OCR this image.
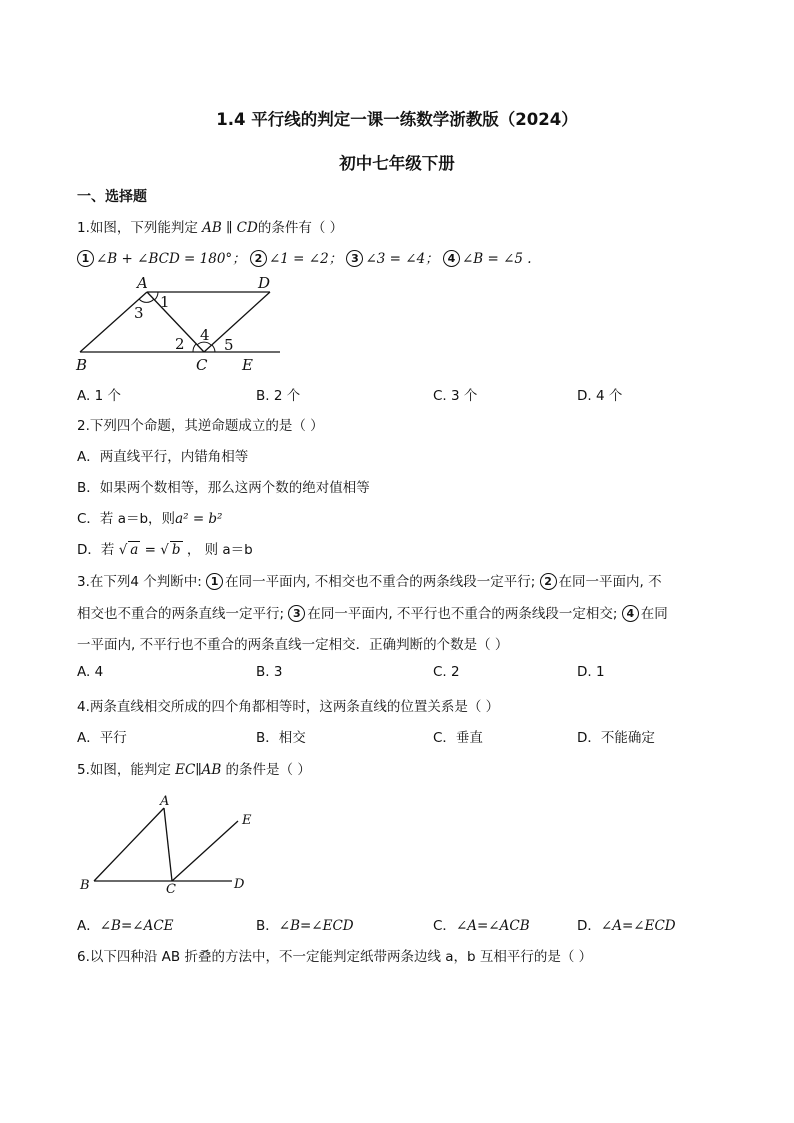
1.4 平行线的判定一课一练数学浙教版（2024）
初中七年级下册
一、选择题
1.如图，下列能判定 AB ∥ CD的条件有（ ）
1 ∠B + ∠BCD = 180°； 2 ∠1 = ∠2； 3 ∠3 = ∠4； 4 ∠B = ∠5 .
A	D
B	C E
1
3
2 4
5
A. 1 个	B. 2 个	C. 3 个	D. 4 个
2.下列四个命题，其逆命题成立的是（ ）
A．两直线平行，内错角相等
B．如果两个数相等，那么这两个数的绝对值相等
C．若 a＝b，则a² = b²
D．若 √ a = √ b ， 则 a＝b
3.在下列4 个判断中: 1 在同一平面内, 不相交也不重合的两条线段一定平行; 2 在同一平面内, 不
相交也不重合的两条直线一定平行; 3 在同一平面内, 不平行也不重合的两条线段一定相交; 4 在同
一平面内, 不平行也不重合的两条直线一定相交．正确判断的个数是（ ）
A. 4	B. 3	C. 2	D. 1
4.两条直线相交所成的四个角都相等时，这两条直线的位置关系是（ ）
A．平行	B．相交	C．垂直	D．不能确定
5.如图，能判定 EC∥AB 的条件是（ ）
A
E
B	C	D
A．∠B=∠ACE	B．∠B=∠ECD	C．∠A=∠ACB	D．∠A=∠ECD
6.以下四种沿 AB 折叠的方法中，不一定能判定纸带两条边线 a，b 互相平行的是（ ）
